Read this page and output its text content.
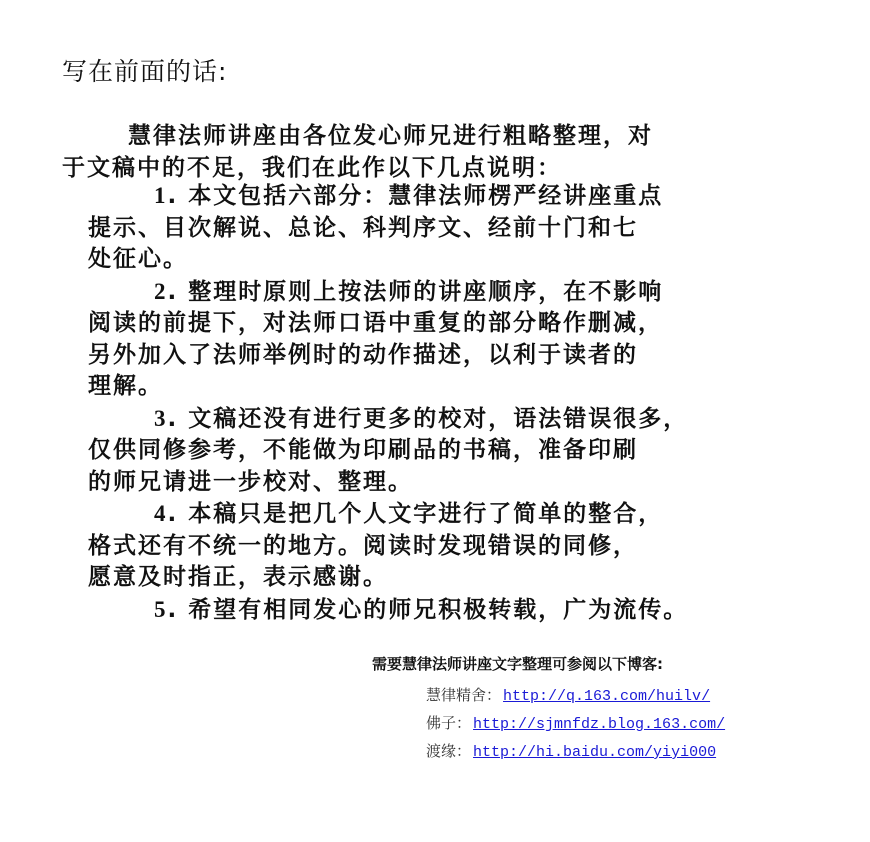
写在前面的话:
慧律法师讲座由各位发心师兄进行粗略整理，对
于文稿中的不足，我们在此作以下几点说明：
1. 本文包括六部分：慧律法师楞严经讲座重点
提示、目次解说、总论、科判序文、经前十门和七
处征心。
2. 整理时原则上按法师的讲座顺序，在不影响
阅读的前提下，对法师口语中重复的部分略作删减，
另外加入了法师举例时的动作描述，以利于读者的
理解。
3. 文稿还没有进行更多的校对，语法错误很多，
仅供同修参考，不能做为印刷品的书稿，准备印刷
的师兄请进一步校对、整理。
4. 本稿只是把几个人文字进行了简单的整合，
格式还有不统一的地方。阅读时发现错误的同修，
愿意及时指正，表示感谢。
5. 希望有相同发心的师兄积极转载，广为流传。
需要慧律法师讲座文字整理可参阅以下博客:
慧律精舍： http://q.163.com/huilv/
佛子： http://sjmnfdz.blog.163.com/
渡缘： http://hi.baidu.com/yiyi000
